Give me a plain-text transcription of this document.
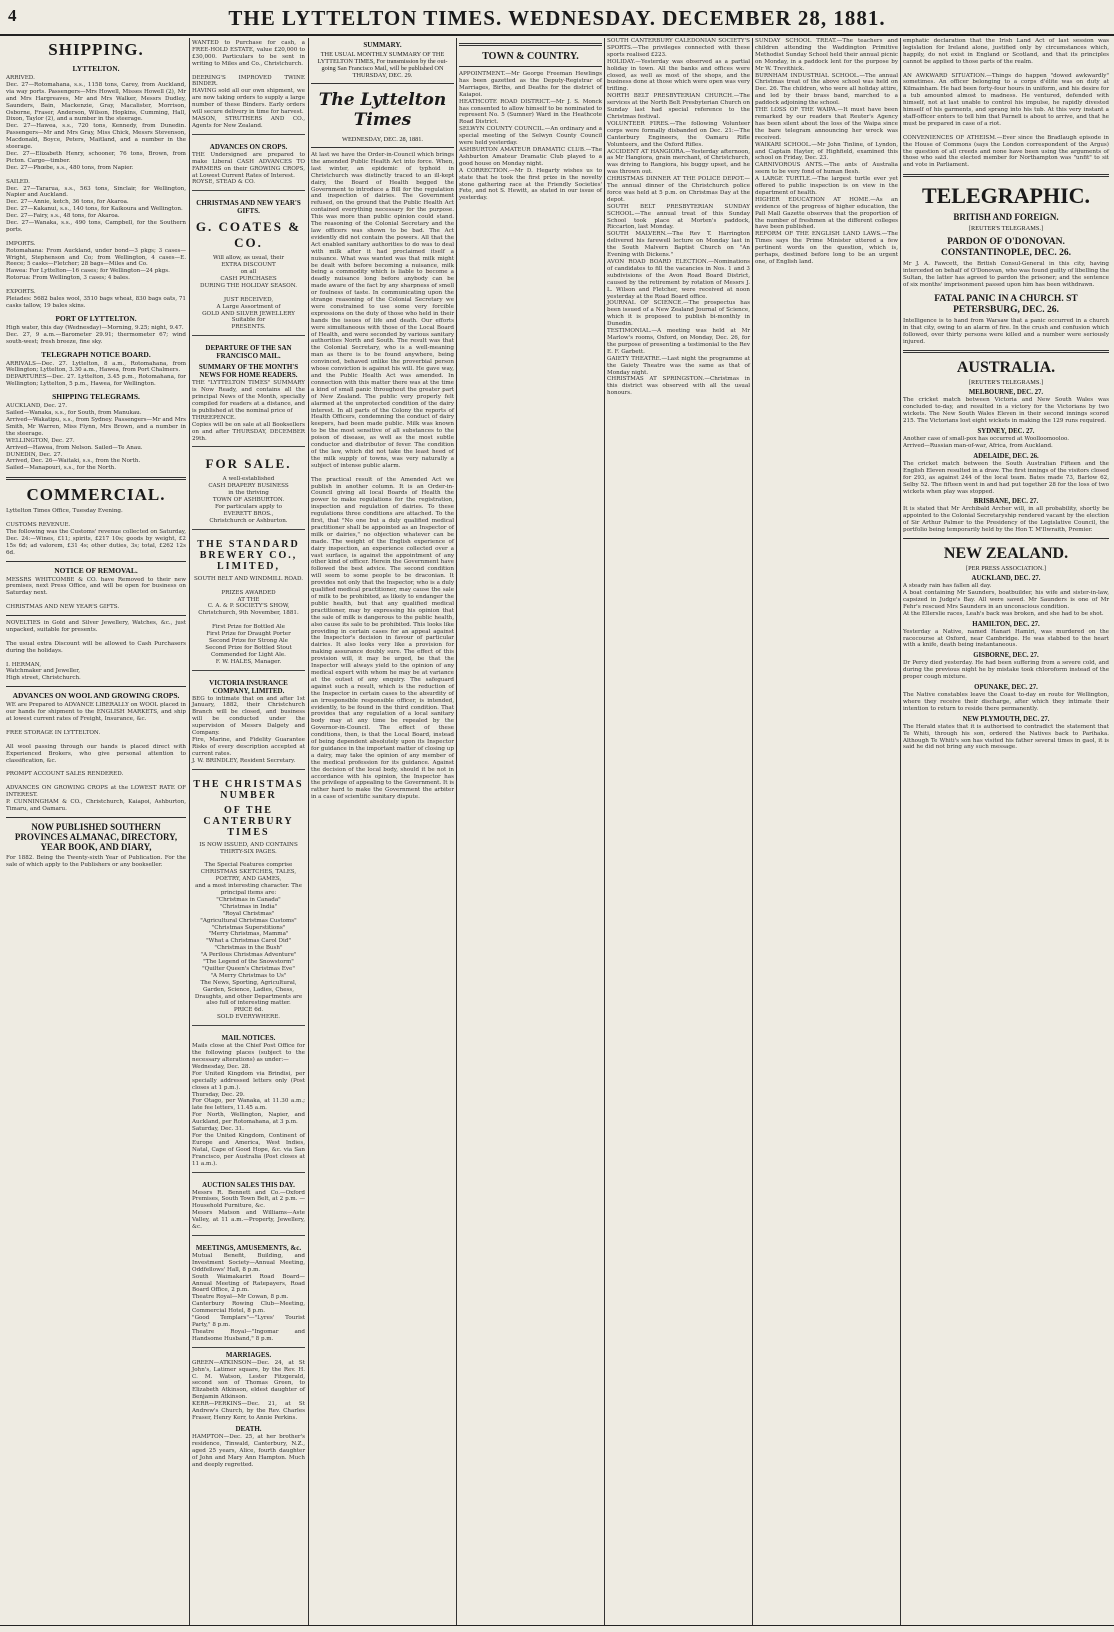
4	THE LYTTELTON TIMES. WEDNESDAY. DECEMBER 28, 1881.
SHIPPING.
LYTTELTON.
ARRIVED.
Dec. 27—Rotomahana, s.s., 1158 tons, Carey, from Auckland, via way ports. Passengers—Mrs Howell, Misses Howell (2), Mr and Mrs Hargreaves, Mr and Mrs Walker, Messrs Dudley, Saunders, Bain, Mackenzie, Gray, Macalister, Morrison, Osborne, Fraser, Anderson, Wilson, Hopkins, Cumming, Hall, Dixon, Taylor (2), and a number in the steerage.
Dec. 27—Hawea, s.s., 720 tons, Kennedy, from Dunedin. Passengers—Mr and Mrs Gray, Miss Chick, Messrs Stevenson, Macdonald, Boyce, Peters, Maitland, and a number in the steerage.
Dec. 27—Elizabeth Henry, schooner, 76 tons, Brown, from Picton. Cargo—timber.
Dec. 27—Phœbe, s.s., 480 tons, from Napier.

SAILED.
Dec. 27—Tararua, s.s., 563 tons, Sinclair, for Wellington, Napier and Auckland.
Dec. 27—Annie, ketch, 36 tons, for Akaroa.
Dec. 27—Kakanui, s.s., 140 tons, for Kaikoura and Wellington.
Dec. 27—Fairy, s.s., 48 tons, for Akaroa.
Dec. 27—Wanaka, s.s., 490 tons, Campbell, for the Southern ports.

IMPORTS.
Rotomahana: From Auckland, under bond—3 pkgs; 3 cases—Wright, Stephenson and Co; from Wellington, 4 cases—E. Reece; 5 casks—Fletcher; 28 bags—Miles and Co.
Hawea: For Lyttelton—16 cases; for Wellington—24 pkgs.
Rotorua: From Wellington, 3 cases; 4 bales.

EXPORTS.
Pleiades: 5682 bales wool, 3510 bags wheat, 830 bags oats, 71 casks tallow, 19 bales skins.
PORT OF LYTTELTON.
High water, this day (Wednesday)—Morning, 9.25; night, 9.47.
Dec. 27, 9 a.m.—Barometer 29.91; thermometer 67; wind south-west; fresh breeze, fine sky.
TELEGRAPH NOTICE BOARD.
ARRIVALS—Dec. 27. Lyttelton, 8 a.m., Rotomahana, from Wellington; Lyttelton, 3.30 a.m., Hawea, from Port Chalmers.
DEPARTURES—Dec. 27. Lyttelton, 3.45 p.m., Rotomahana, for Wellington; Lyttelton, 5 p.m., Hawea, for Wellington.
SHIPPING TELEGRAMS.
AUCKLAND, Dec. 27.
Sailed—Wanaka, s.s., for South, from Manukau.
Arrived—Wakatipu, s.s., from Sydney. Passengers—Mr and Mrs Smith, Mr Warren, Miss Flynn, Mrs Brown, and a number in the steerage.
WELLINGTON, Dec. 27.
Arrived—Hawea, from Nelson. Sailed—Te Anau.
DUNEDIN, Dec. 27.
Arrived, Dec. 26—Waitaki, s.s., from the North.
Sailed—Manapouri, s.s., for the North.
COMMERCIAL.
Lyttelton Times Office, Tuesday Evening.

CUSTOMS REVENUE.
The following was the Customs' revenue collected on Saturday, Dec. 24:—Wines, £11; spirits, £217 10s; goods by weight, £2 15s 6d; ad valorem, £31 4s; other duties, 3s; total, £262 12s 6d.
NOTICE OF REMOVAL.
MESSRS WHITCOMBE & CO. have Removed to their new premises, next Press Office, and will be open for business on Saturday next.

CHRISTMAS AND NEW YEAR'S GIFTS.
NOVELTIES in Gold and Silver Jewellery, Watches, &c., just unpacked, suitable for presents.

The usual extra Discount will be allowed to Cash Purchasers during the holidays.

I. HERMAN,
Watchmaker and Jeweller,
High street, Christchurch.
ADVANCES ON WOOL AND GROWING CROPS.
WE are Prepared to ADVANCE LIBERALLY on WOOL placed in our hands for shipment to the ENGLISH MARKETS, and ship at lowest current rates of Freight, Insurance, &c.

FREE STORAGE IN LYTTELTON.

All wool passing through our hands is placed direct with Experienced Brokers, who give personal attention to classification, &c.

PROMPT ACCOUNT SALES RENDERED.

ADVANCES ON GROWING CROPS at the LOWEST RATE OF INTEREST.
P. CUNNINGHAM & CO., Christchurch, Kaiapoi, Ashburton, Timaru, and Oamaru.
NOW PUBLISHED SOUTHERN PROVINCES ALMANAC, DIRECTORY, YEAR BOOK, AND DIARY,
For 1882. Being the Twenty-sixth Year of Publication. For the sale of which apply to the Publishers or any bookseller.
WANTED to Purchase for cash, a FREE-HOLD ESTATE, value £20,000 to £30,000. Particulars to be sent in writing to Miles and Co., Christchurch.

DEERING'S IMPROVED TWINE BINDER.
HAVING sold all our own shipment, we are now taking orders to supply a large number of these Binders. Early orders will secure delivery in time for harvest.
MASON, STRUTHERS AND CO., Agents for New Zealand.
ADVANCES ON CROPS.
THE Undersigned are prepared to make Liberal CASH ADVANCES TO FARMERS on their GROWING CROPS, at Lowest Current Rates of Interest.
ROYSE, STEAD & CO.
CHRISTMAS AND NEW YEAR'S GIFTS.
G. COATES & CO.
Will allow, as usual, their
EXTRA DISCOUNT
on all
CASH PURCHASES
DURING THE HOLIDAY SEASON.

JUST RECEIVED,
A Large Assortment of
GOLD AND SILVER JEWELLERY
Suitable for
PRESENTS.
DEPARTURE OF THE SAN FRANCISCO MAIL.
SUMMARY OF THE MONTH'S NEWS FOR HOME READERS.
THE "LYTTELTON TIMES" SUMMARY is Now Ready, and contains all the principal News of the Month, specially compiled for readers at a distance, and is published at the nominal price of
THREEPENCE.
Copies will be on sale at all Booksellers on and after THURSDAY, DECEMBER 29th.
FOR SALE.
A well-established
CASH DRAPERY BUSINESS
in the thriving
TOWN OF ASHBURTON.
For particulars apply to
EVERETT BROS.,
Christchurch or Ashburton.
THE STANDARD BREWERY CO., LIMITED,
SOUTH BELT AND WINDMILL ROAD.

PRIZES AWARDED
AT THE
C. A. & P. SOCIETY'S SHOW,
Christchurch, 9th November, 1881.

First Prize for Bottled Ale
First Prize for Draught Porter
Second Prize for Strong Ale
Second Prize for Bottled Stout
Commended for Light Ale.
F. W. HALES, Manager.
VICTORIA INSURANCE COMPANY, LIMITED.
BEG to intimate that on and after 1st January, 1882, their Christchurch Branch will be closed, and business will be conducted under the supervision of Messrs Dalgety and Company.
Fire, Marine, and Fidelity Guarantee Risks of every description accepted at current rates.
J. W. BRINDLEY, Resident Secretary.
THE CHRISTMAS NUMBER
OF THE CANTERBURY TIMES
IS NOW ISSUED, AND CONTAINS THIRTY-SIX PAGES.

The Special Features comprise
CHRISTMAS SKETCHES, TALES, POETRY, AND GAMES,
and a most interesting character. The principal items are:
"Christmas in Canada"
"Christmas in India"
"Royal Christmas"
"Agricultural Christmas Customs"
"Christmas Superstitions"
"Merry Christmas, Mamma"
"What a Christmas Carol Did"
"Christmas in the Bush"
"A Perilous Christmas Adventure"
"The Legend of the Snowstorm"
"Quilter Queen's Christmas Eve"
"A Merry Christmas to Us"
The News, Sporting, Agricultural, Garden, Science, Ladies, Chess, Draughts, and other Departments are also full of interesting matter.
PRICE 6d.
SOLD EVERYWHERE.
MAIL NOTICES.
Mails close at the Chief Post Office for the following places (subject to the necessary alterations) as under:—
Wednesday, Dec. 28.
For United Kingdom via Brindisi, per specially addressed letters only (Post closes at 1 p.m.).
Thursday, Dec. 29.
For Otago, per Wanaka, at 11.30 a.m.; late fee letters, 11.45 a.m.
For North, Wellington, Napier, and Auckland, per Rotomahana, at 3 p.m.
Saturday, Dec. 31.
For the United Kingdom, Continent of Europe and America, West Indies, Natal, Cape of Good Hope, &c. via San Francisco, per Australia (Post closes at 11 a.m.).
AUCTION SALES THIS DAY.
Messrs R. Bennett and Co.—Oxford Premises, South Town Belt, at 2 p.m. — Household Furniture, &c.
Messrs Matson and Williams—Aste Valley, at 11 a.m.—Property, Jewellery, &c.
MEETINGS, AMUSEMENTS, &c.
Mutual Benefit, Building, and Investment Society—Annual Meeting, Oddfellows' Hall, 8 p.m.
South Waimakariri Road Board—Annual Meeting of Ratepayers, Road Board Office, 2 p.m.
Theatre Royal—Mr Cowan, 8 p.m.
Canterbury Rowing Club—Meeting, Commercial Hotel, 8 p.m.
"Good Templars"—"Lyres' Tourist Party," 8 p.m.
Theatre Royal—"Ingomar and Handsome Husband," 8 p.m.
MARRIAGES.
GREEN—ATKINSON—Dec. 24, at St John's, Latimer square, by the Rev. H. C. M. Watson, Lester Fitzgerald, second son of Thomas Green, to Elizabeth Atkinson, eldest daughter of Benjamin Atkinson.
KERR—PERKINS—Dec. 21, at St Andrew's Church, by the Rev. Charles Fraser, Henry Kerr, to Annie Perkins.
DEATH.
HAMPTON—Dec. 25, at her brother's residence, Tinwald, Canterbury, N.Z., aged 25 years, Alice, fourth daughter of John and Mary Ann Hampton. Much and deeply regretted.
SUMMARY.
THE USUAL MONTHLY SUMMARY OF THE LYTTELTON TIMES, For transmission by the out-going San Francisco Mail, will be published ON THURSDAY, DEC. 29.
The Lyttelton Times
WEDNESDAY, DEC. 28, 1881.
At last we have the Order-in-Council which brings the amended Public Health Act into force. When, last winter, an epidemic of typhoid in Christchurch was distinctly traced to an ill-kept dairy, the Board of Health begged the Government to introduce a Bill for the regulation and inspection of dairies. The Government refused, on the ground that the Public Health Act contained everything necessary for the purpose. This was more than public opinion could stand. The reasoning of the Colonial Secretary and the law officers was shown to be bad. The Act evidently did not contain the powers. All that the Act enabled sanitary authorities to do was to deal with milk after it had proclaimed itself a nuisance. What was wanted was that milk might be dealt with before becoming a nuisance, milk being a commodity which is liable to become a deadly nuisance long before anybody can be made aware of the fact by any sharpness of smell or foulness of taste. In communicating upon the strange reasoning of the Colonial Secretary we were constrained to use some very forcible expressions on the duty of those who held in their hands the issues of life and death. Our efforts were simultaneous with those of the Local Board of Health, and were seconded by various sanitary authorities North and South. The result was that the Colonial Secretary, who is a well-meaning man as there is to be found anywhere, being convinced, behaved unlike the proverbial person whose conviction is against his will. He gave way, and the Public Health Act was amended. In connection with this matter there was at the time a kind of small panic throughout the greater part of New Zealand. The public very properly felt alarmed at the unprotected condition of the dairy interest. In all parts of the Colony the reports of Health Officers, condemning the conduct of dairy keepers, had been made public. Milk was known to be the most sensitive of all substances to the poison of disease, as well as the most subtle conductor and distributor of fever. The condition of the law, which did not take the least heed of the milk supply of towns, was very naturally a subject of intense public alarm.

The practical result of the Amended Act we publish in another column. It is an Order-in-Council giving all local Boards of Health the power to make regulations for the registration, inspection and regulation of dairies. To these regulations three conditions are attached. To the first, that "No one but a duly qualified medical practitioner shall be appointed as an Inspector of milk or dairies," no objection whatever can be made. The weight of the English experience of dairy inspection, an experience collected over a vast surface, is against the appointment of any other kind of officer. Herein the Government have followed the best advice. The second condition will seem to some people to be draconian. It provides not only that the Inspector, who is a duly qualified medical practitioner, may cause the sale of milk to be prohibited, as likely to endanger the public health, but that any qualified medical practitioner, may by expressing his opinion that the sale of milk is dangerous to the public health, also cause its sale to be prohibited. This looks like providing in certain cases for an appeal against the Inspector's decision in favour of particular dairies. It also looks very like a provision for making assurance doubly sure. The effect of this provision will, it may be urged, be that the Inspector will always yield to the opinion of any medical expert with whom he may be at variance at the outset of any enquiry. The safeguard against such a result, which is the reduction of the Inspector in certain cases to the absurdity of an irresponsible responsible officer, is intended, evidently, to be found in the third condition. That provides that any regulation of a local sanitary body may at any time be repealed by the Governor-in-Council. The effect of these conditions, then, is that the Local Board, instead of being dependent absolutely upon its Inspector for guidance in the important matter of closing up a dairy, may take the opinion of any member of the medical profession for its guidance. Against the decision of the local body, should it be not in accordance with his opinion, the Inspector has the privilege of appealing to the Government. It is rather hard to make the Government the arbiter in a case of scientific sanitary dispute.
TOWN & COUNTRY.
APPOINTMENT.—Mr George Freeman Hewlings has been gazetted as the Deputy-Registrar of Marriages, Births, and Deaths for the district of Kaiapoi.
HEATHCOTE ROAD DISTRICT.—Mr J. S. Monck has consented to allow himself to be nominated to represent No. 5 (Sumner) Ward in the Heathcote Road District.
SELWYN COUNTY COUNCIL.—An ordinary and a special meeting of the Selwyn County Council were held yesterday.
ASHBURTON AMATEUR DRAMATIC CLUB.—The Ashburton Amateur Dramatic Club played to a good house on Monday night.
A CORRECTION.—Mr D. Hegarty wishes us to state that he took the first prize in the novelty stone gathering race at the Friendly Societies' Fete, and not S. Hewitt, as stated in our issue of yesterday.
SOUTH CANTERBURY CALEDONIAN SOCIETY'S SPORTS.—The privileges connected with these sports realised £223.
HOLIDAY.—Yesterday was observed as a partial holiday in town. All the banks and offices were closed, as well as most of the shops, and the business done at those which were open was very trifling.
NORTH BELT PRESBYTERIAN CHURCH.—The services at the North Belt Presbyterian Church on Sunday last had special reference to the Christmas festival.
VOLUNTEER FIRES.—The following Volunteer corps were formally disbanded on Dec. 21:—The Canterbury Engineers, the Oamaru Rifle Volunteers, and the Oxford Rifles.
ACCIDENT AT HANGIORA.—Yesterday afternoon, as Mr Hangiora, grain merchant, of Christchurch, was driving to Rangiora, his buggy upset, and he was thrown out.
CHRISTMAS DINNER AT THE POLICE DEPOT.—The annual dinner of the Christchurch police force was held at 5 p.m. on Christmas Day at the depot.
SOUTH BELT PRESBYTERIAN SUNDAY SCHOOL.—The annual treat of this Sunday School took place at Morten's paddock, Riccarton, last Monday.
SOUTH MALVERN.—The Rev T. Harrington delivered his farewell lecture on Monday last in the South Malvern Baptist Church on "An Evening with Dickens."
AVON ROAD BOARD ELECTION.—Nominations of candidates to fill the vacancies in Nos. 1 and 3 subdivisions of the Avon Road Board District, caused by the retirement by rotation of Messrs J. L. Wilson and Fletcher, were received at noon yesterday at the Road Board office.
JOURNAL OF SCIENCE.—The prospectus has been issued of a New Zealand Journal of Science, which it is proposed to publish bi-monthly in Dunedin.
TESTIMONIAL.—A meeting was held at Mr Marlow's rooms, Oxford, on Monday, Dec. 26, for the purpose of presenting a testimonial to the Rev E. F. Garbett.
GAIETY THEATRE.—Last night the programme at the Gaiety Theatre was the same as that of Monday night.
CHRISTMAS AT SPRINGSTON.—Christmas in this district was observed with all the usual honours.
SUNDAY SCHOOL TREAT.—The teachers and children attending the Waddington Primitive Methodist Sunday School held their annual picnic on Monday, in a paddock lent for the purpose by Mr W. Trevithick.
BURNHAM INDUSTRIAL SCHOOL.—The annual Christmas treat of the above school was held on Dec. 26. The children, who were all holiday attire, and led by their brass band, marched to a paddock adjoining the school.
THE LOSS OF THE WAIPA.—It must have been remarked by our readers that Reuter's Agency has been silent about the loss of the Waipa since the bare telegram announcing her wreck was received.
WAIKARI SCHOOL.—Mr John Tinline, of Lyndon, and Captain Hayter, of Highfield, examined this school on Friday, Dec. 23.
CARNIVOROUS ANTS.—The ants of Australia seem to be very fond of human flesh.
A LARGE TURTLE.—The largest turtle ever yet offered to public inspection is on view in the department of health.
HIGHER EDUCATION AT HOME.—As an evidence of the progress of higher education, the Pall Mall Gazette observes that the proportion of the number of freshmen at the different colleges have been published.
REFORM OF THE ENGLISH LAND LAWS.—The Times says the Prime Minister uttered a few pertinent words on the question, which is, perhaps, destined before long to be an urgent one, of English land.
emphatic declaration that the Irish Land Act of last session was legislation for Ireland alone, justified only by circumstances which, happily, do not exist in England or Scotland, and that its principles cannot be applied to those parts of the realm.

AN AWKWARD SITUATION.—Things do happen "dowed awkwardly" sometimes. An officer belonging to a corps d'élite was on duty at Kilmainham. He had been forty-four hours in uniform, and his desire for a tub amounted almost to madness. He ventured, defended with himself, not at last unable to control his impulse, he rapidly divested himself of his garments, and sprang into his tub. At this very instant a staff-officer enters to tell him that Parnell is about to arrive, and that he must be prepared in case of a riot.

CONVENIENCES OF ATHEISM.—Ever since the Bradlaugh episode in the House of Commons (says the London correspondent of the Argus) the question of all creeds and none have been using the arguments of those who said the elected member for Northampton was "unfit" to sit and vote in Parliament.
TELEGRAPHIC.
BRITISH AND FOREIGN.
[REUTER'S TELEGRAMS.]
PARDON OF O'DONOVAN. CONSTANTINOPLE, DEC. 26.
Mr J. A. Fawcett, the British Consul-General in this city, having interceded on behalf of O'Donovan, who was found guilty of libelling the Sultan, the latter has agreed to pardon the prisoner; and the sentence of six months' imprisonment passed upon him has been withdrawn.
FATAL PANIC IN A CHURCH. ST PETERSBURG, DEC. 26.
Intelligence is to hand from Warsaw that a panic occurred in a church in that city, owing to an alarm of fire. In the crush and confusion which followed, over thirty persons were killed and a number were seriously injured.
AUSTRALIA.
[REUTER'S TELEGRAMS.]
MELBOURNE, DEC. 27.
The cricket match between Victoria and New South Wales was concluded to-day, and resulted in a victory for the Victorians by two wickets. The New South Wales Eleven in their second innings scored 215. The Victorians lost eight wickets in making the 129 runs required.
SYDNEY, DEC. 27.
Another case of small-pox has occurred at Woolloomooloo.
Arrived—Russian man-of-war, Africa, from Auckland.
ADELAIDE, DEC. 26.
The cricket match between the South Australian Fifteen and the English Eleven resulted in a draw. The first innings of the visitors closed for 293, as against 244 of the local team. Bates made 73, Barlow 62, Selby 52. The fifteen went in and had put together 28 for the loss of two wickets when play was stopped.
BRISBANE, DEC. 27.
It is stated that Mr Archibald Archer will, in all probability, shortly be appointed to the Colonial Secretaryship rendered vacant by the election of Sir Arthur Palmer to the Presidency of the Legislative Council, the portfolio being temporarily held by the Hon T. M'Ilwraith, Premier.
NEW ZEALAND.
[PER PRESS ASSOCIATION.]
AUCKLAND, DEC. 27.
A steady rain has fallen all day.
A boat containing Mr Saunders, boatbuilder, his wife and sister-in-law, capsized in Judge's Bay. All were saved. Mr Saunders is one of Mr Fehr's rescued Mrs Saunders in an unconscious condition.
At the Ellerslie races, Leah's back was broken, and she had to be shot.
HAMILTON, DEC. 27.
Yesterday a Native, named Hanari Hamiri, was murdered on the racecourse at Oxford, near Cambridge. He was stabbed to the heart with a knife, death being instantaneous.
GISBORNE, DEC. 27.
Dr Percy died yesterday. He had been suffering from a severe cold, and during the previous night he by mistake took chloroform instead of the proper cough mixture.
OPUNAKE, DEC. 27.
The Native constables leave the Coast to-day en route for Wellington, where they receive their discharge, after which they intimate their intention to return to reside there permanently.
NEW PLYMOUTH, DEC. 27.
The Herald states that it is authorised to contradict the statement that Te Whiti, through his son, ordered the Natives back to Parihaka. Although Te Whiti's son has visited his father several times in gaol, it is said he did not bring any such message.
